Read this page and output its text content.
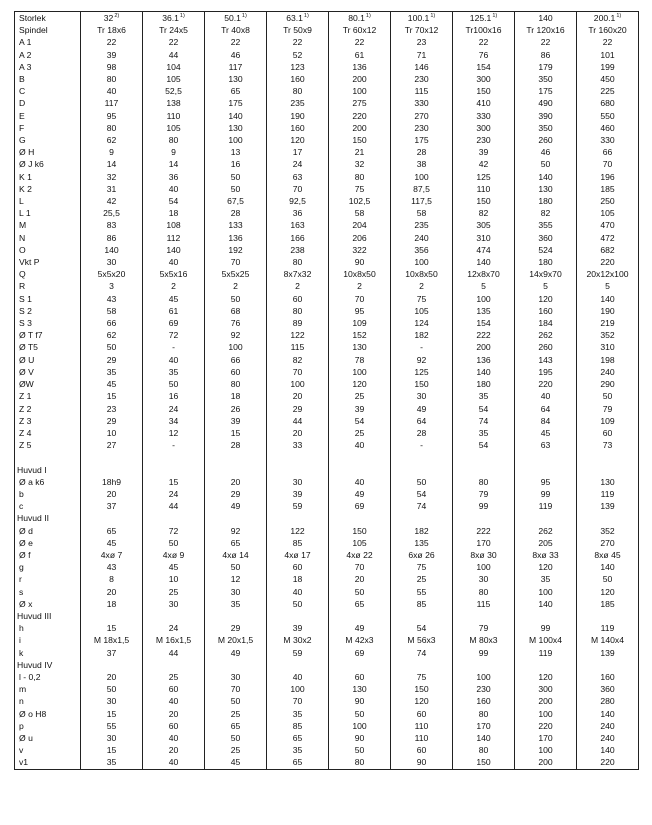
Storlek	32$^{2)}$	36.1$^{1)}$	50.1$^{1)}$	63.1$^{1)}$	80.1$^{1)}$	100.1$^{1)}$	125.1$^{1)}$	140	200.1$^{1)}$
Spindel	Tr 18x6	Tr 24x5	Tr 40x8	Tr 50x9	Tr 60x12	Tr 70x12	Tr100x16	Tr 120x16	Tr 160x20
A 1	22	22	22	22	22	23	22	22	22
A 2	39	44	46	52	61	71	76	86	101
A 3	98	104	117	123	136	146	154	179	199
B	80	105	130	160	200	230	300	350	450
C	40	52,5	65	80	100	115	150	175	225
D	117	138	175	235	275	330	410	490	680
E	95	110	140	190	220	270	330	390	550
F	80	105	130	160	200	230	300	350	460
G	62	80	100	120	150	175	230	260	330
Ø H	9	9	13	17	21	28	39	46	66
Ø J k6	14	14	16	24	32	38	42	50	70
K 1	32	36	50	63	80	100	125	140	196
K 2	31	40	50	70	75	87,5	110	130	185
L	42	54	67,5	92,5	102,5	117,5	150	180	250
L 1	25,5	18	28	36	58	58	82	82	105
M	83	108	133	163	204	235	305	355	470
N	86	112	136	166	206	240	310	360	472
O	140	140	192	238	322	356	474	524	682
Vkt P	30	40	70	80	90	100	140	180	220
Q	5x5x20	5x5x16	5x5x25	8x7x32	10x8x50	10x8x50	12x8x70	14x9x70	20x12x100
R	3	2	2	2	2	2	5	5	5
S 1	43	45	50	60	70	75	100	120	140
S 2	58	61	68	80	95	105	135	160	190
S 3	66	69	76	89	109	124	154	184	219
Ø T f7	62	72	92	122	152	182	222	262	352
Ø T5	50	-	100	115	130	-	200	260	310
Ø U	29	40	66	82	78	92	136	143	198
Ø V	35	35	60	70	100	125	140	195	240
ØW	45	50	80	100	120	150	180	220	290
Z 1	15	16	18	20	25	30	35	40	50
Z 2	23	24	26	29	39	49	54	64	79
Z 3	29	34	39	44	54	64	74	84	109
Z 4	10	12	15	20	25	28	35	45	60
Z 5	27	-	28	33	40	-	54	63	73

Huvud I									
Ø a k6	18h9	15	20	30	40	50	80	95	130
b	20	24	29	39	49	54	79	99	119
c	37	44	49	59	69	74	99	119	139
Huvud II									
Ø d	65	72	92	122	150	182	222	262	352
Ø e	45	50	65	85	105	135	170	205	270
Ø f	4xø 7	4xø 9	4xø 14	4xø 17	4xø 22	6xø 26	8xø 30	8xø 33	8xø 45
g	43	45	50	60	70	75	100	120	140
r	8	10	12	18	20	25	30	35	50
s	20	25	30	40	50	55	80	100	120
Ø x	18	30	35	50	65	85	115	140	185
Huvud III									
h	15	24	29	39	49	54	79	99	119
i	M 18x1,5	M 16x1,5	M 20x1,5	M 30x2	M 42x3	M 56x3	M 80x3	M 100x4	M 140x4
k	37	44	49	59	69	74	99	119	139
Huvud IV									
l - 0,2	20	25	30	40	60	75	100	120	160
m	50	60	70	100	130	150	230	300	360
n	30	40	50	70	90	120	160	200	280
Ø o H8	15	20	25	35	50	60	80	100	140
p	55	60	65	85	100	110	170	220	240
Ø u	30	40	50	65	90	110	140	170	240
v	15	20	25	35	50	60	80	100	140
v1	35	40	45	65	80	90	150	200	220
